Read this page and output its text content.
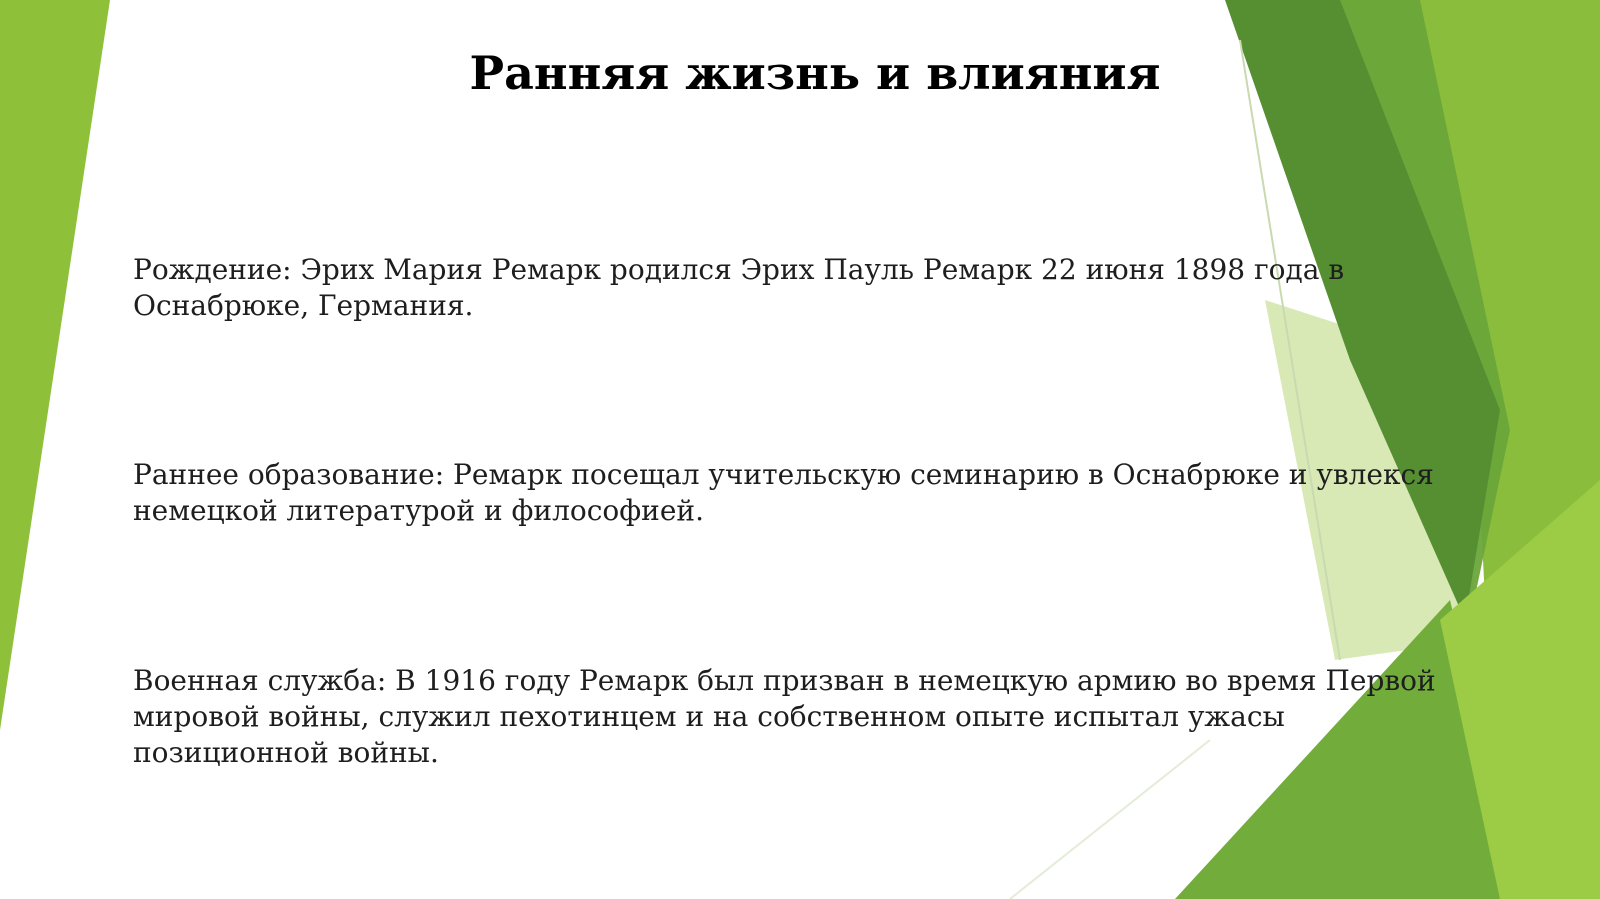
Ранняя жизнь и влияния
Рождение: Эрих Мария Ремарк родился Эрих Пауль Ремарк 22 июня 1898 года в Оснабрюке, Германия.
Раннее образование: Ремарк посещал учительскую семинарию в Оснабрюке и увлекся немецкой литературой и философией.
Военная служба: В 1916 году Ремарк был призван в немецкую армию во время Первой мировой войны, служил пехотинцем и на собственном опыте испытал ужасы позиционной войны.
